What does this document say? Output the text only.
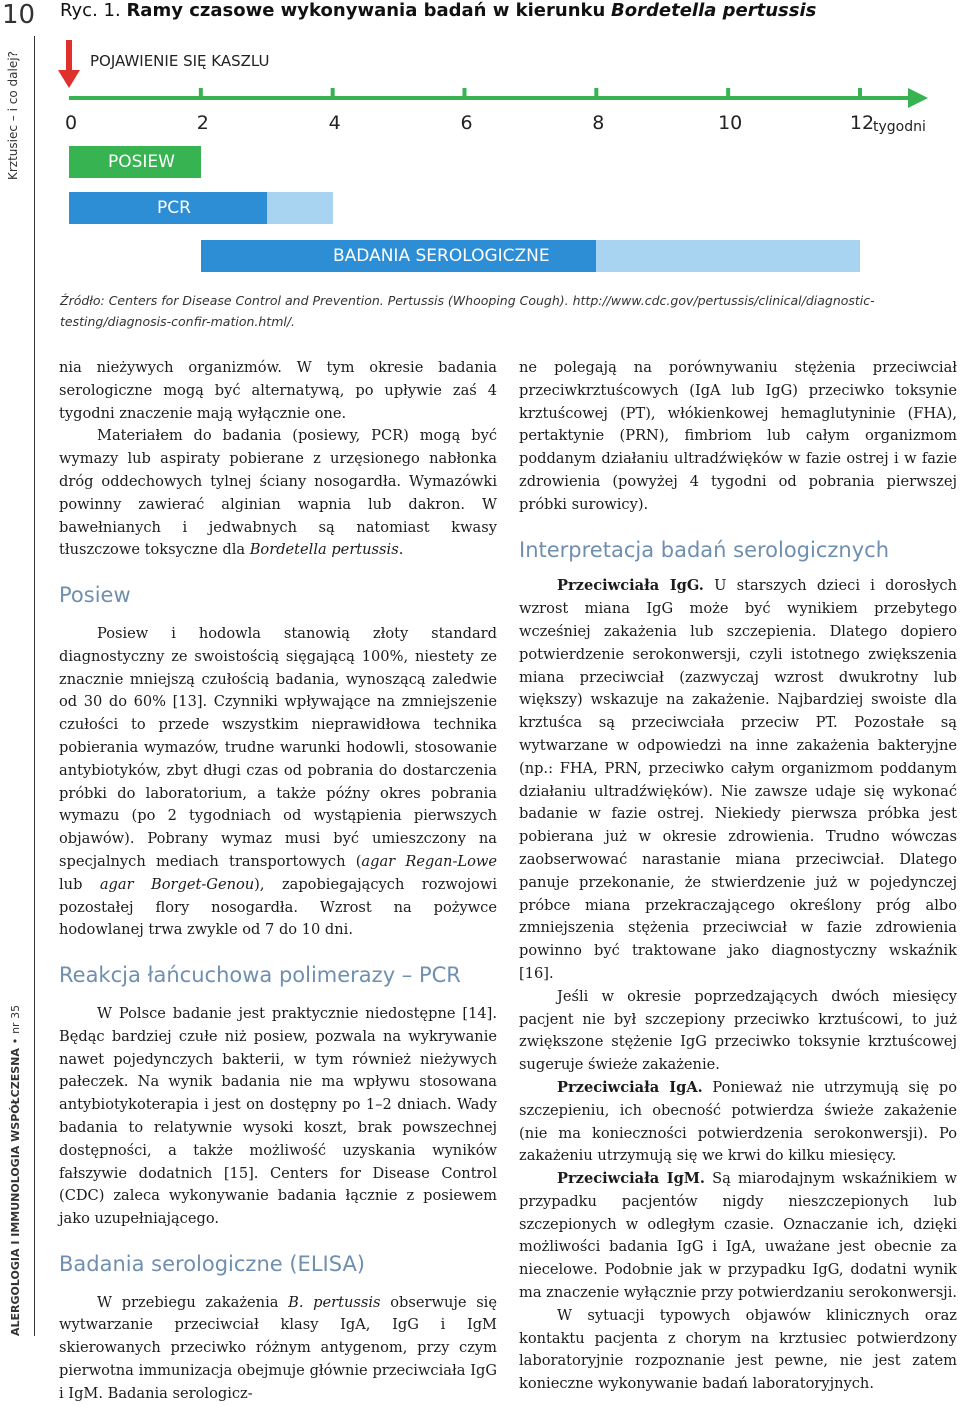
10
Krztusiec – i co dalej?
ALERGOLOGIA I IMMUNOLOGIA WSPÓŁCZESNA • nr 35
Ryc. 1. Ramy czasowe wykonywania badań w kierunku Bordetella pertussis
POJAWIENIE SIĘ KASZLU
0	2	4	6	8	10	12
tygodni
POSIEW
PCR
BADANIA SEROLOGICZNE
Źródło: Centers for Disease Control and Prevention. Pertussis (Whooping Cough). http://www.cdc.gov/pertussis/clinical/diagnostic-testing/diagnosis-confir-mation.html/.

nia nieżywych organizmów. W tym okresie badania serologiczne mogą być alternatywą, po upływie zaś 4 tygodni znaczenie mają wyłącznie one.

Materiałem do badania (posiewy, PCR) mogą być wymazy lub aspiraty pobierane z urzęsionego nabłonka dróg oddechowych tylnej ściany nosogardła. Wymazówki powinny zawierać alginian wapnia lub dakron. W bawełnianych i jedwabnych są natomiast kwasy tłuszczowe toksyczne dla Bordetella pertussis.

Posiew

Posiew i hodowla stanowią złoty standard diagnostyczny ze swoistością sięgającą 100%, niestety ze znacznie mniejszą czułością badania, wynoszącą zaledwie od 30 do 60% [13]. Czynniki wpływające na zmniejszenie czułości to przede wszystkim nieprawidłowa technika pobierania wymazów, trudne warunki hodowli, stosowanie antybiotyków, zbyt długi czas od pobrania do dostarczenia próbki do laboratorium, a także późny okres pobrania wymazu (po 2 tygodniach od wystąpienia pierwszych objawów). Pobrany wymaz musi być umieszczony na specjalnych mediach transportowych (agar Regan-Lowe lub agar Borget-Genou), zapobiegających rozwojowi pozostałej flory nosogardła. Wzrost na pożywce hodowlanej trwa zwykle od 7 do 10 dni.

Reakcja łańcuchowa polimerazy – PCR

W Polsce badanie jest praktycznie niedostępne [14]. Będąc bardziej czułe niż posiew, pozwala na wykrywanie nawet pojedynczych bakterii, w tym również nieżywych pałeczek. Na wynik badania nie ma wpływu stosowana antybiotykoterapia i jest on dostępny po 1–2 dniach. Wady badania to relatywnie wysoki koszt, brak powszechnej dostępności, a także możliwość uzyskania wyników fałszywie dodatnich [15]. Centers for Disease Control (CDC) zaleca wykonywanie badania łącznie z posiewem jako uzupełniającego.

Badania serologiczne (ELISA)

W przebiegu zakażenia B. pertussis obserwuje się wytwarzanie przeciwciał klasy IgA, IgG i IgM skierowanych przeciwko różnym antygenom, przy czym pierwotna immunizacja obejmuje głównie przeciwciała IgG i IgM. Badania serologicz-

ne polegają na porównywaniu stężenia przeciwciał przeciwkrztuścowych (IgA lub IgG) przeciwko toksynie krztuścowej (PT), włókienkowej hemaglutyninie (FHA), pertaktynie (PRN), fimbriom lub całym organizmom poddanym działaniu ultradźwięków w fazie ostrej i w fazie zdrowienia (powyżej 4 tygodni od pobrania pierwszej próbki surowicy).

Interpretacja badań serologicznych

Przeciwciała IgG. U starszych dzieci i dorosłych wzrost miana IgG może być wynikiem przebytego wcześniej zakażenia lub szczepienia. Dlatego dopiero potwierdzenie serokonwersji, czyli istotnego zwiększenia miana przeciwciał (zazwyczaj wzrost dwukrotny lub większy) wskazuje na zakażenie. Najbardziej swoiste dla krztuśca są przeciwciała przeciw PT. Pozostałe są wytwarzane w odpowiedzi na inne zakażenia bakteryjne (np.: FHA, PRN, przeciwko całym organizmom poddanym działaniu ultradźwięków). Nie zawsze udaje się wykonać badanie w fazie ostrej. Niekiedy pierwsza próbka jest pobierana już w okresie zdrowienia. Trudno wówczas zaobserwować narastanie miana przeciwciał. Dlatego panuje przekonanie, że stwierdzenie już w pojedynczej próbce miana przekraczającego określony próg albo zmniejszenia stężenia przeciwciał w fazie zdrowienia powinno być traktowane jako diagnostyczny wskaźnik [16].

Jeśli w okresie poprzedzających dwóch miesięcy pacjent nie był szczepiony przeciwko krztuścowi, to już zwiększone stężenie IgG przeciwko toksynie krztuścowej sugeruje świeże zakażenie.

Przeciwciała IgA. Ponieważ nie utrzymują się po szczepieniu, ich obecność potwierdza świeże zakażenie (nie ma konieczności potwierdzenia serokonwersji). Po zakażeniu utrzymują się we krwi do kilku miesięcy.

Przeciwciała IgM. Są miarodajnym wskaźnikiem w przypadku pacjentów nigdy nieszczepionych lub szczepionych w odległym czasie. Oznaczanie ich, dzięki możliwości badania IgG i IgA, uważane jest obecnie za niecelowe. Podobnie jak w przypadku IgG, dodatni wynik ma znaczenie wyłącznie przy potwierdzaniu serokonwersji.

W sytuacji typowych objawów klinicznych oraz kontaktu pacjenta z chorym na krztusiec potwierdzony laboratoryjnie rozpoznanie jest pewne, nie jest zatem konieczne wykonywanie badań laboratoryjnych.
